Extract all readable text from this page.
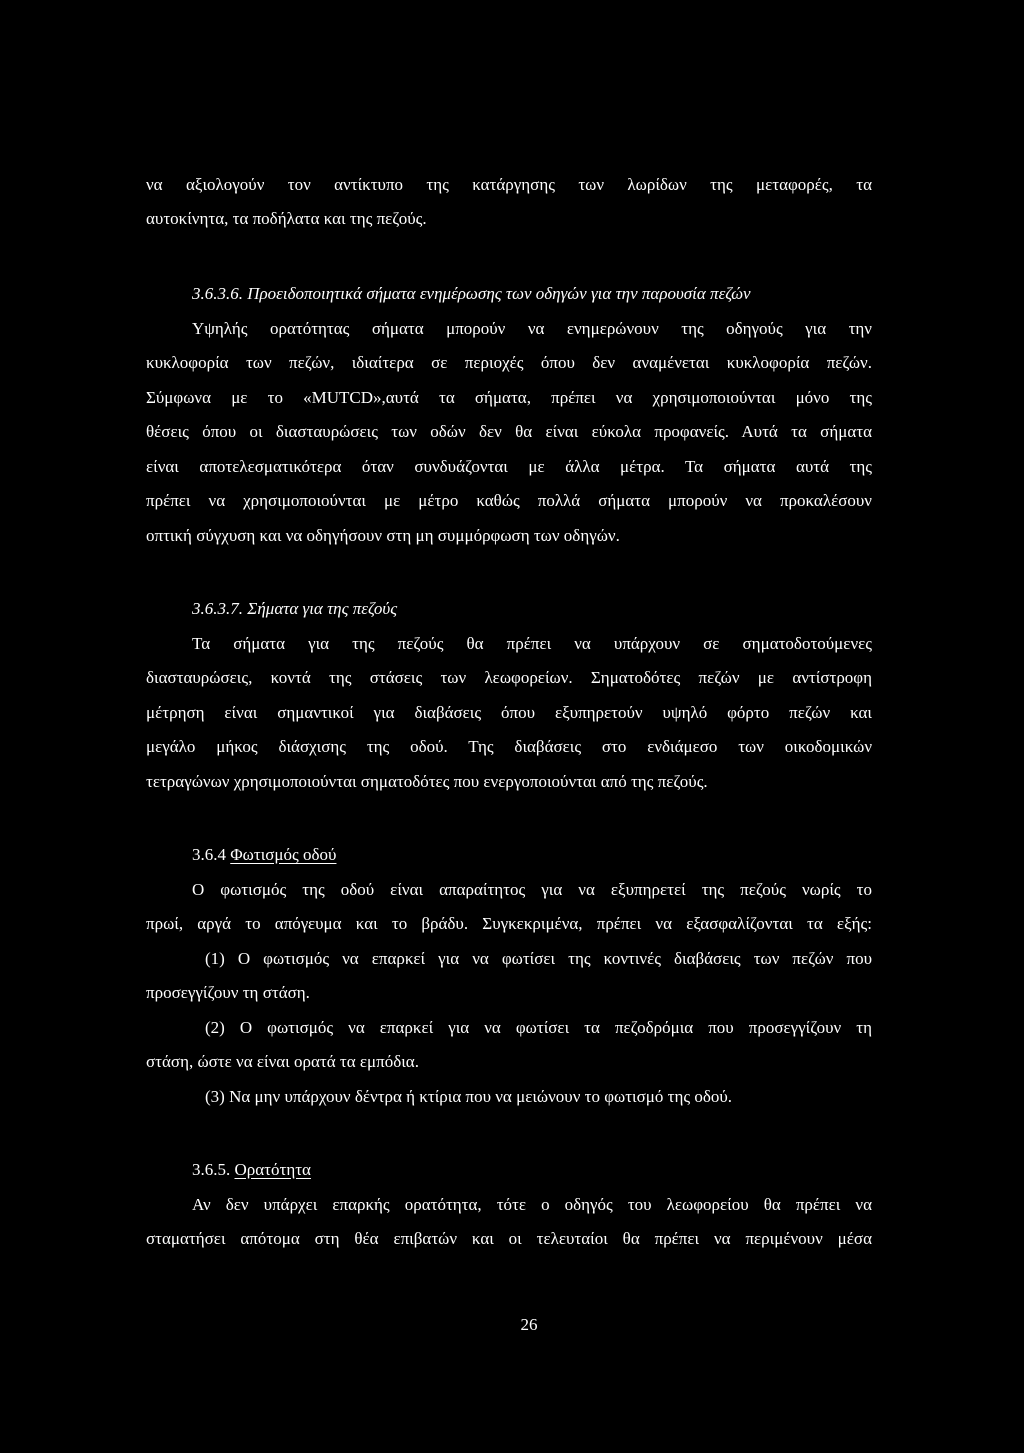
να αξιολογούν τον αντίκτυπο της κατάργησης των λωρίδων της μεταφορές, τα

αυτοκίνητα, τα ποδήλατα και της πεζούς.

3.6.3.6. Προειδοποιητικά σήματα ενημέρωσης των οδηγών για την παρουσία πεζών

Υψηλής ορατότητας σήματα μπορούν να ενημερώνουν της οδηγούς για την

κυκλοφορία των πεζών, ιδιαίτερα σε περιοχές όπου δεν αναμένεται κυκλοφορία πεζών.

Σύμφωνα με το «MUTCD»,αυτά τα σήματα, πρέπει να χρησιμοποιούνται μόνο της

θέσεις όπου οι διασταυρώσεις των οδών δεν θα είναι εύκολα προφανείς. Αυτά τα σήματα

είναι αποτελεσματικότερα όταν συνδυάζονται με άλλα μέτρα. Τα σήματα αυτά της

πρέπει να χρησιμοποιούνται με μέτρο καθώς πολλά σήματα μπορούν να προκαλέσουν

οπτική σύγχυση και να οδηγήσουν στη μη συμμόρφωση των οδηγών.

3.6.3.7. Σήματα για της πεζούς

Τα σήματα για της πεζούς θα πρέπει να υπάρχουν σε σηματοδοτούμενες

διασταυρώσεις, κοντά της στάσεις των λεωφορείων. Σηματοδότες πεζών με αντίστροφη

μέτρηση είναι σημαντικοί για διαβάσεις όπου εξυπηρετούν υψηλό φόρτο πεζών και

μεγάλο μήκος διάσχισης της οδού. Της διαβάσεις στο ενδιάμεσο των οικοδομικών

τετραγώνων χρησιμοποιούνται σηματοδότες που ενεργοποιούνται από της πεζούς.

3.6.4 Φωτισμός οδού

Ο φωτισμός της οδού είναι απαραίτητος για να εξυπηρετεί της πεζούς νωρίς το

πρωί, αργά το απόγευμα και το βράδυ. Συγκεκριμένα, πρέπει να εξασφαλίζονται τα εξής:

(1) Ο φωτισμός να επαρκεί για να φωτίσει της κοντινές διαβάσεις των πεζών που

προσεγγίζουν τη στάση.

(2) Ο φωτισμός να επαρκεί για να φωτίσει τα πεζοδρόμια που προσεγγίζουν τη

στάση, ώστε να είναι ορατά τα εμπόδια.

(3) Να μην υπάρχουν δέντρα ή κτίρια που να μειώνουν το φωτισμό της οδού.

3.6.5. Ορατότητα

Αν δεν υπάρχει επαρκής ορατότητα, τότε ο οδηγός του λεωφορείου θα πρέπει να

σταματήσει απότομα στη θέα επιβατών και οι τελευταίοι θα πρέπει να περιμένουν μέσα

26
